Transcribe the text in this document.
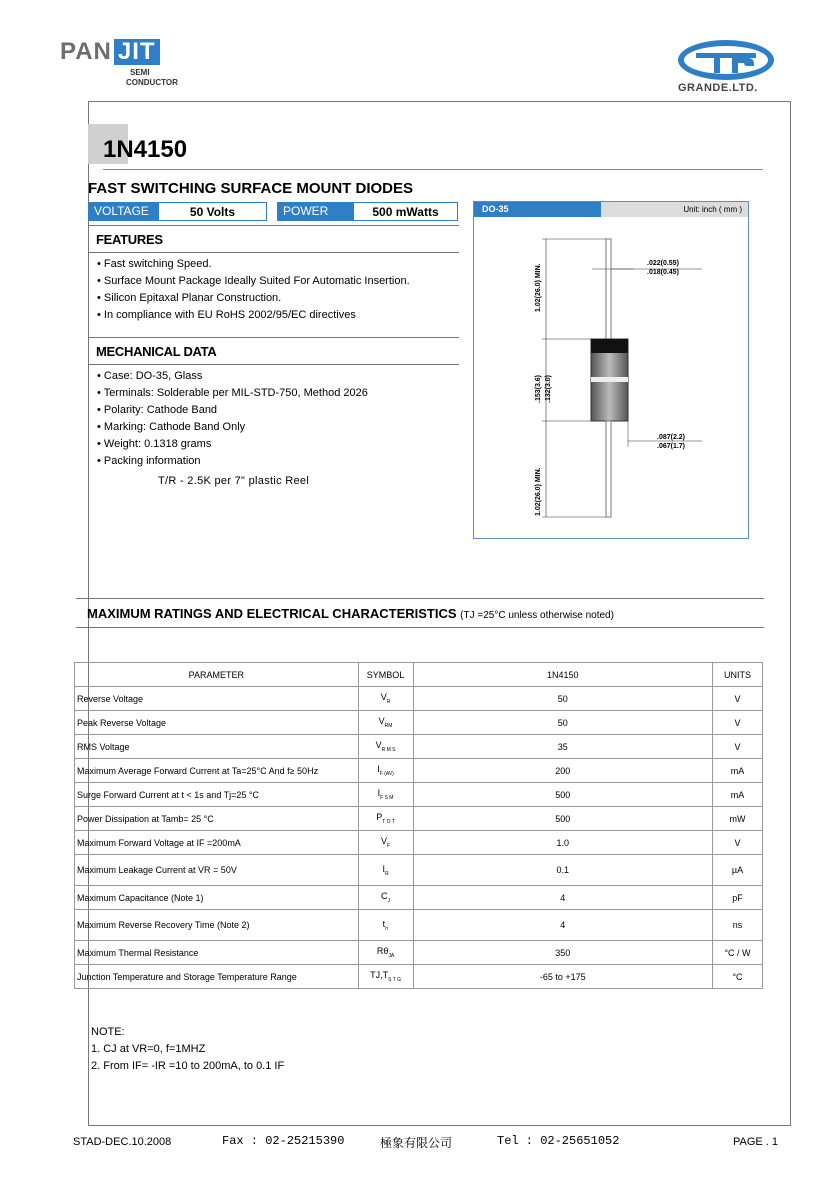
PAN JIT
SEMI
CONDUCTOR	GRANDE.LTD.
1N4150
FAST SWITCHING SURFACE MOUNT DIODES
VOLTAGE	50 Volts	POWER	500 mWatts
FEATURES
• Fast switching Speed.
• Surface Mount Package Ideally Suited For Automatic Insertion.
• Silicon Epitaxal Planar Construction.
• In compliance with EU RoHS 2002/95/EC directives
MECHANICAL DATA
• Case: DO-35, Glass
• Terminals: Solderable per MIL-STD-750, Method 2026
• Polarity: Cathode Band
• Marking: Cathode Band Only
• Weight: 0.1318 grams
• Packing information
T/R - 2.5K per 7" plastic Reel
DO-35	Unit: inch ( mm )
.022(0.55)
.018(0.45)
1.02(26.0) MIN.
.153(3.6) .132(3.0)
.087(2.2)
.067(1.7)
1.02(26.0) MIN.
MAXIMUM RATINGS AND ELECTRICAL CHARACTERISTICS (TJ =25°C unless otherwise noted)
PARAMETER	SYMBOL	1N4150	UNITS
Reverse Voltage	$V_R$	50	V
Peak Reverse Voltage	$V_{RM}$	50	V
RMS Voltage	$V_{R M S}$	35	V
Maximum Average Forward Current at Ta=25°C And f≥ 50Hz	$I_{F (AV)}$	200	mA
Surge Forward Current at t < 1s and Tj=25 °C	$I_{F S M}$	500	mA
Power Dissipation at Tamb= 25 °C	$P_{T O T}$	500	mW
Maximum Forward Voltage at IF =200mA	$V_F$	1.0	V
Maximum Leakage Current at VR = 50V	$I_R$	0.1	µA
Maximum Capacitance (Note 1)	$C_J$	4	pF
Maximum Reverse Recovery Time (Note 2)	$t_{rr}$	4	ns
Maximum Thermal Resistance	$R\theta_{JA}$	350	°C / W
Junction Temperature and Storage Temperature Range	$TJ,T_{S T G}$	-65 to +175	°C
NOTE:
1. CJ at VR=0, f=1MHZ
2. From IF= -IR =10 to 200mA, to 0.1 IF
STAD-DEC.10.2008	Fax : 02-25215390	極象有限公司	Tel : 02-25651052	PAGE . 1
